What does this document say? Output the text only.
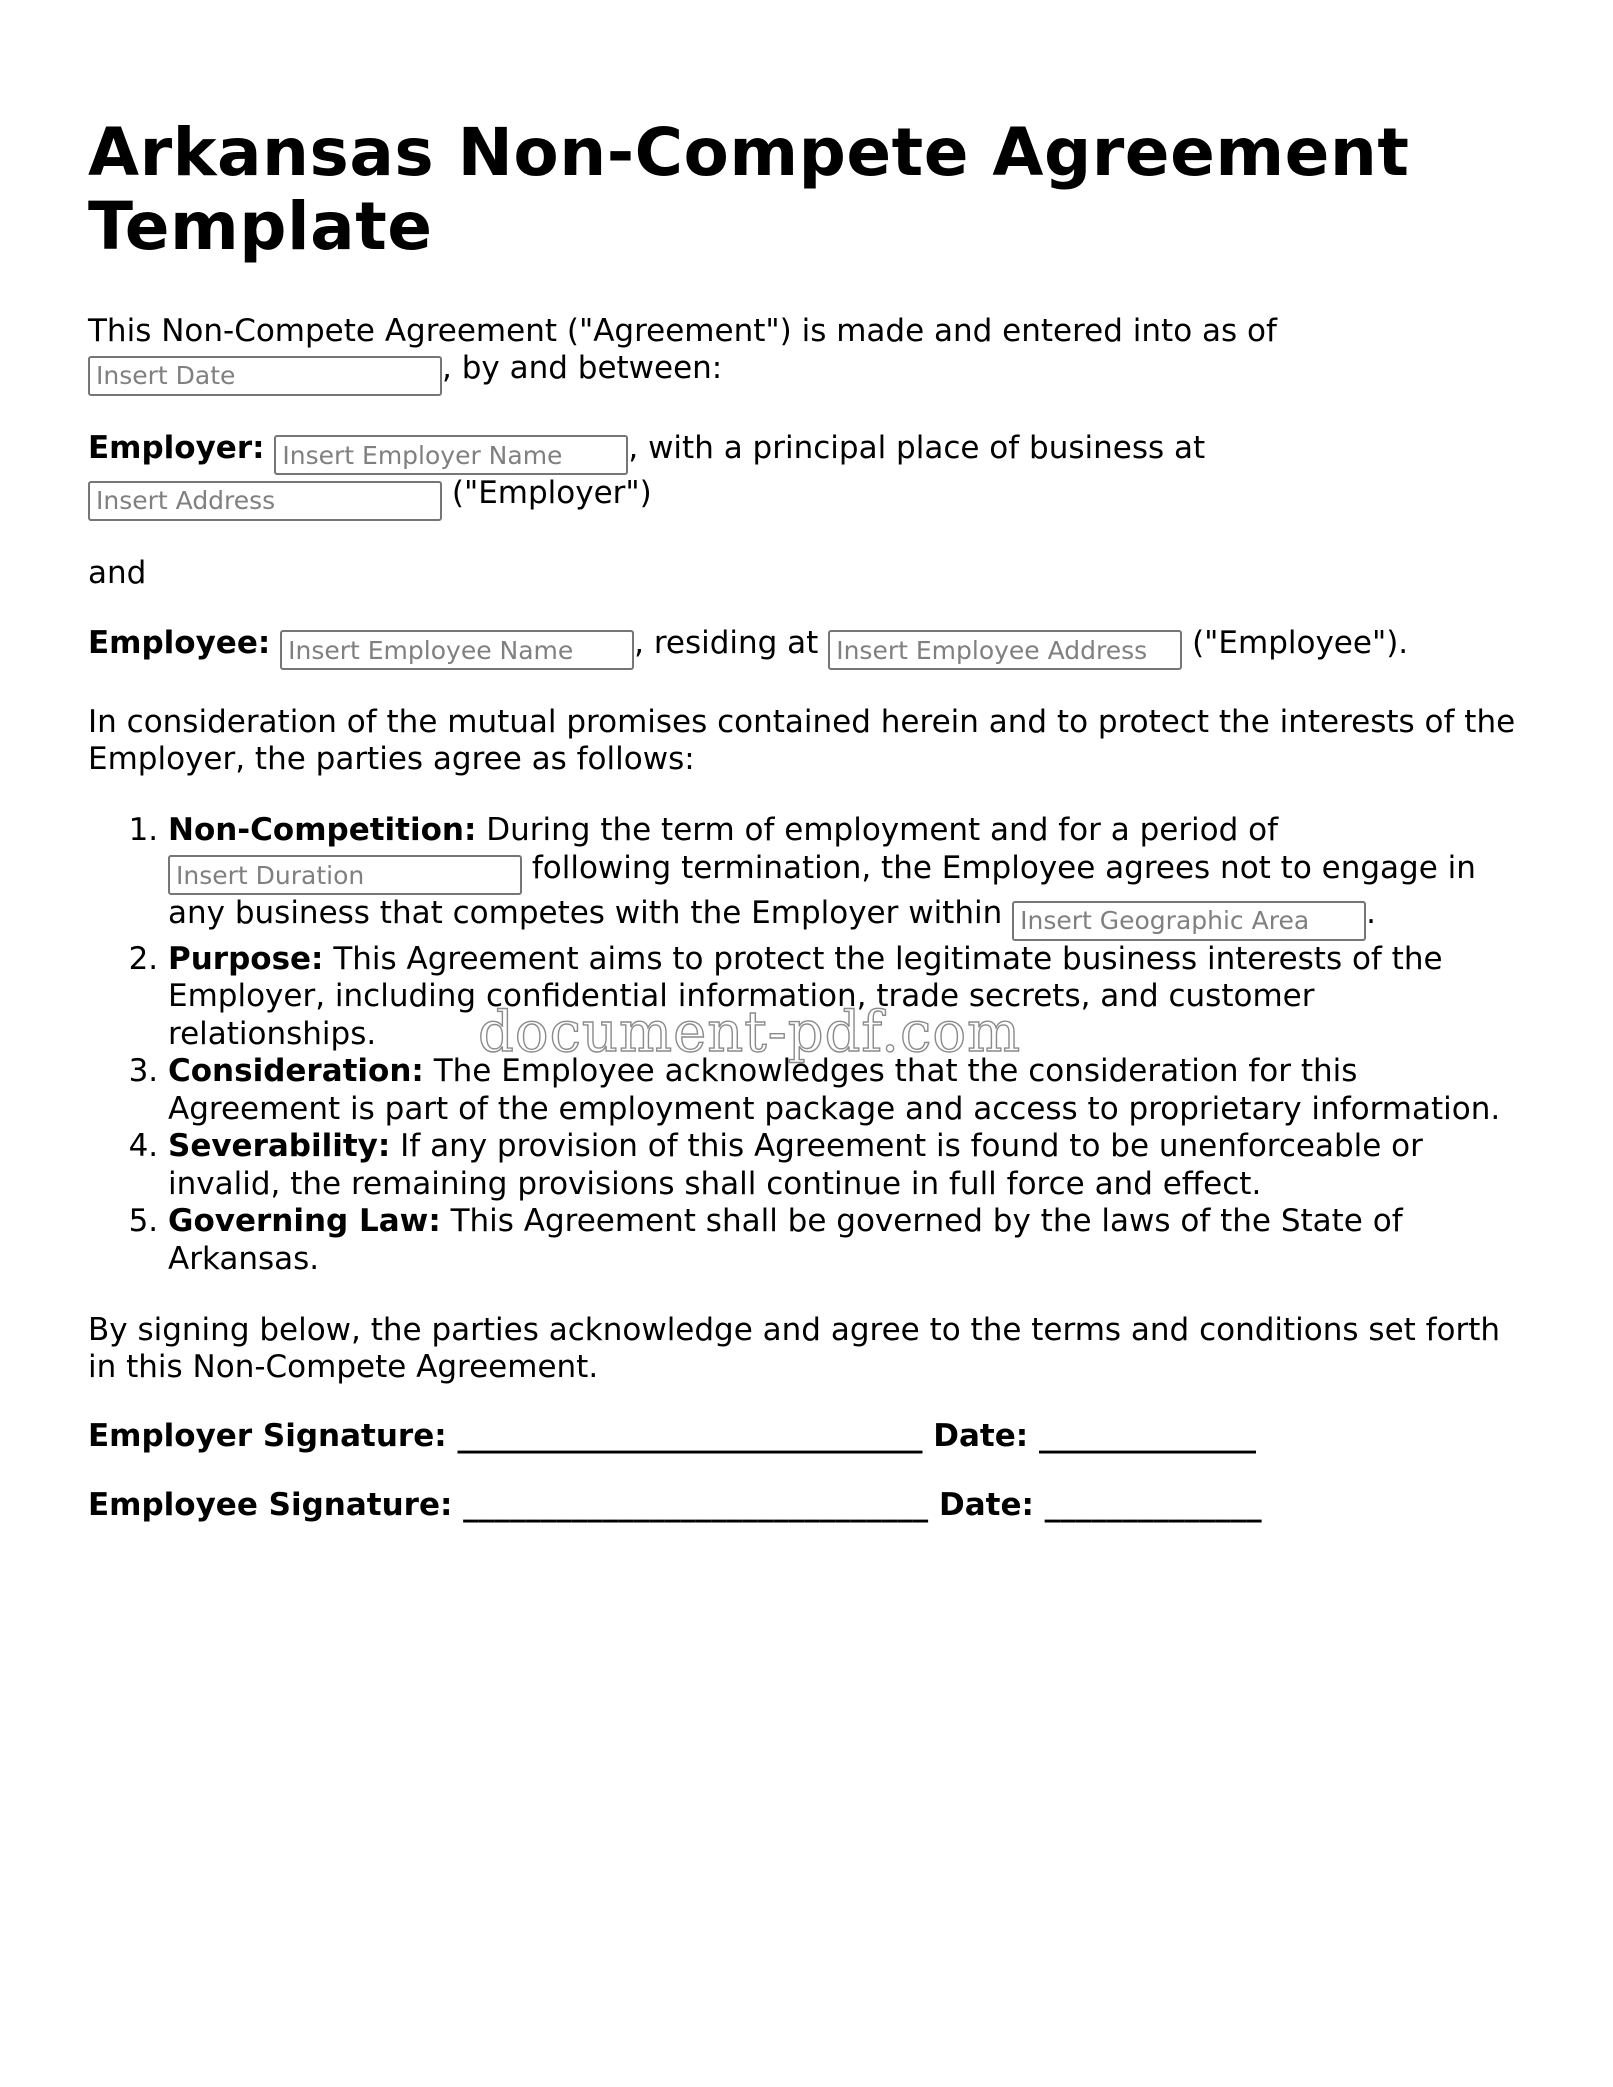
Arkansas Non-Compete Agreement Template

This Non-Compete Agreement ("Agreement") is made and entered into as of
Insert Date, by and between:

Employer: Insert Employer Name	, with a principal place of business at
Insert Address ("Employer")

and

Employee: Insert Employee Name	, residing at Insert Employee Address	("Employee").

In consideration of the mutual promises contained herein and to protect the interests of the Employer, the parties agree as follows:

1. Non-Competition: During the term of employment and for a period of
Insert Duration following termination, the Employee agrees not to engage in any business that competes with the Employer within Insert Geographic Area	.
2. Purpose: This Agreement aims to protect the legitimate business interests of the Employer, including confidential information, trade secrets, and customer relationships.
3. Consideration: The Employee acknowledges that the consideration for this Agreement is part of the employment package and access to proprietary information.
4. Severability: If any provision of this Agreement is found to be unenforceable or invalid, the remaining provisions shall continue in full force and effect.
5. Governing Law: This Agreement shall be governed by the laws of the State of Arkansas.

By signing below, the parties acknowledge and agree to the terms and conditions set forth in this Non-Compete Agreement.

Employer Signature: ______________________________ Date: ______________

Employee Signature: ______________________________ Date: ______________

document-pdf.com
